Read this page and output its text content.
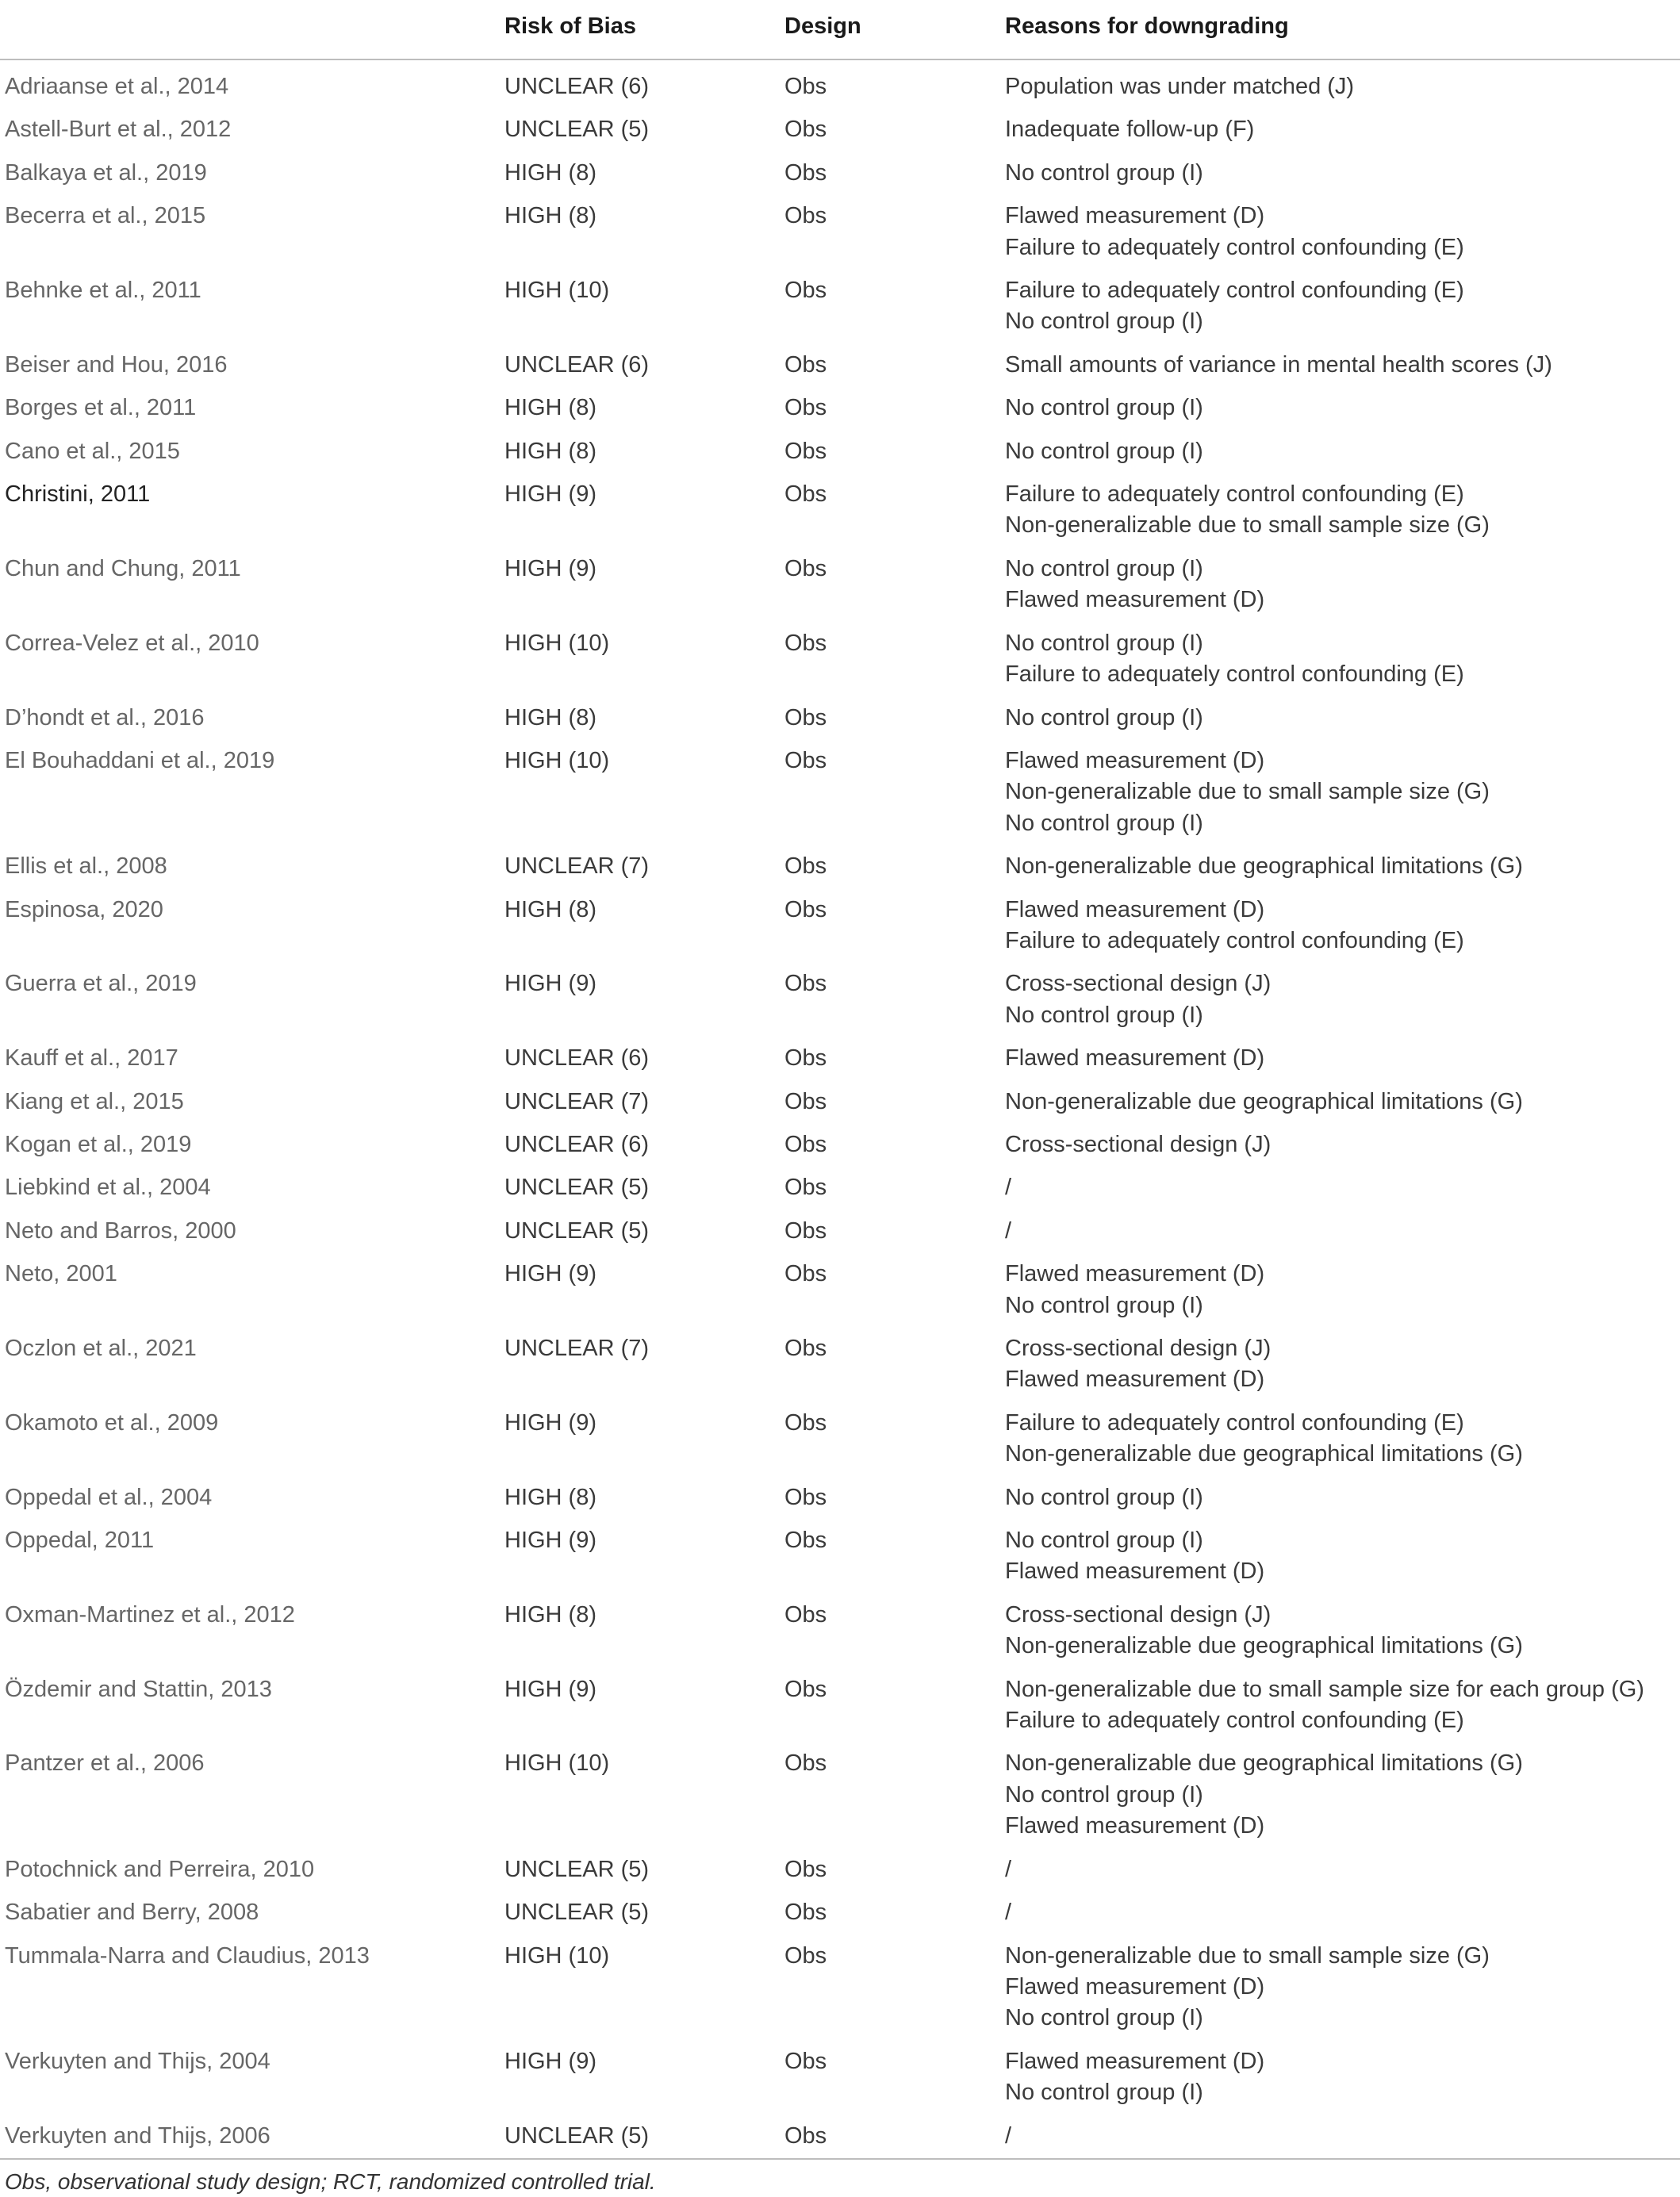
	Risk of Bias	Design	Reasons for downgrading
Adriaanse et al., 2014	UNCLEAR (6)	Obs	Population was under matched (J)

Astell-Burt et al., 2012	UNCLEAR (5)	Obs	Inadequate follow-up (F)

Balkaya et al., 2019	HIGH (8)	Obs	No control group (I)

Becerra et al., 2015	HIGH (8)	Obs	Flawed measurement (D)
Failure to adequately control confounding (E)

Behnke et al., 2011	HIGH (10)	Obs	Failure to adequately control confounding (E)
No control group (I)

Beiser and Hou, 2016	UNCLEAR (6)	Obs	Small amounts of variance in mental health scores (J)

Borges et al., 2011	HIGH (8)	Obs	No control group (I)

Cano et al., 2015	HIGH (8)	Obs	No control group (I)

Christini, 2011	HIGH (9)	Obs	Failure to adequately control confounding (E)
Non-generalizable due to small sample size (G)

Chun and Chung, 2011	HIGH (9)	Obs	No control group (I)
Flawed measurement (D)

Correa-Velez et al., 2010	HIGH (10)	Obs	No control group (I)
Failure to adequately control confounding (E)

D’hondt et al., 2016	HIGH (8)	Obs	No control group (I)

El Bouhaddani et al., 2019	HIGH (10)	Obs	Flawed measurement (D)
Non-generalizable due to small sample size (G)
No control group (I)

Ellis et al., 2008	UNCLEAR (7)	Obs	Non-generalizable due geographical limitations (G)

Espinosa, 2020	HIGH (8)	Obs	Flawed measurement (D)
Failure to adequately control confounding (E)

Guerra et al., 2019	HIGH (9)	Obs	Cross-sectional design (J)
No control group (I)

Kauff et al., 2017	UNCLEAR (6)	Obs	Flawed measurement (D)

Kiang et al., 2015	UNCLEAR (7)	Obs	Non-generalizable due geographical limitations (G)

Kogan et al., 2019	UNCLEAR (6)	Obs	Cross-sectional design (J)

Liebkind et al., 2004	UNCLEAR (5)	Obs	/

Neto and Barros, 2000	UNCLEAR (5)	Obs	/

Neto, 2001	HIGH (9)	Obs	Flawed measurement (D)
No control group (I)

Oczlon et al., 2021	UNCLEAR (7)	Obs	Cross-sectional design (J)
Flawed measurement (D)

Okamoto et al., 2009	HIGH (9)	Obs	Failure to adequately control confounding (E)
Non-generalizable due geographical limitations (G)

Oppedal et al., 2004	HIGH (8)	Obs	No control group (I)

Oppedal, 2011	HIGH (9)	Obs	No control group (I)
Flawed measurement (D)

Oxman-Martinez et al., 2012	HIGH (8)	Obs	Cross-sectional design (J)
Non-generalizable due geographical limitations (G)

Özdemir and Stattin, 2013	HIGH (9)	Obs	Non-generalizable due to small sample size for each group (G)
Failure to adequately control confounding (E)

Pantzer et al., 2006	HIGH (10)	Obs	Non-generalizable due geographical limitations (G)
No control group (I)
Flawed measurement (D)

Potochnick and Perreira, 2010	UNCLEAR (5)	Obs	/

Sabatier and Berry, 2008	UNCLEAR (5)	Obs	/

Tummala-Narra and Claudius, 2013	HIGH (10)	Obs	Non-generalizable due to small sample size (G)
Flawed measurement (D)
No control group (I)

Verkuyten and Thijs, 2004	HIGH (9)	Obs	Flawed measurement (D)
No control group (I)

Verkuyten and Thijs, 2006	UNCLEAR (5)	Obs	/

Obs, observational study design; RCT, randomized controlled trial.			
